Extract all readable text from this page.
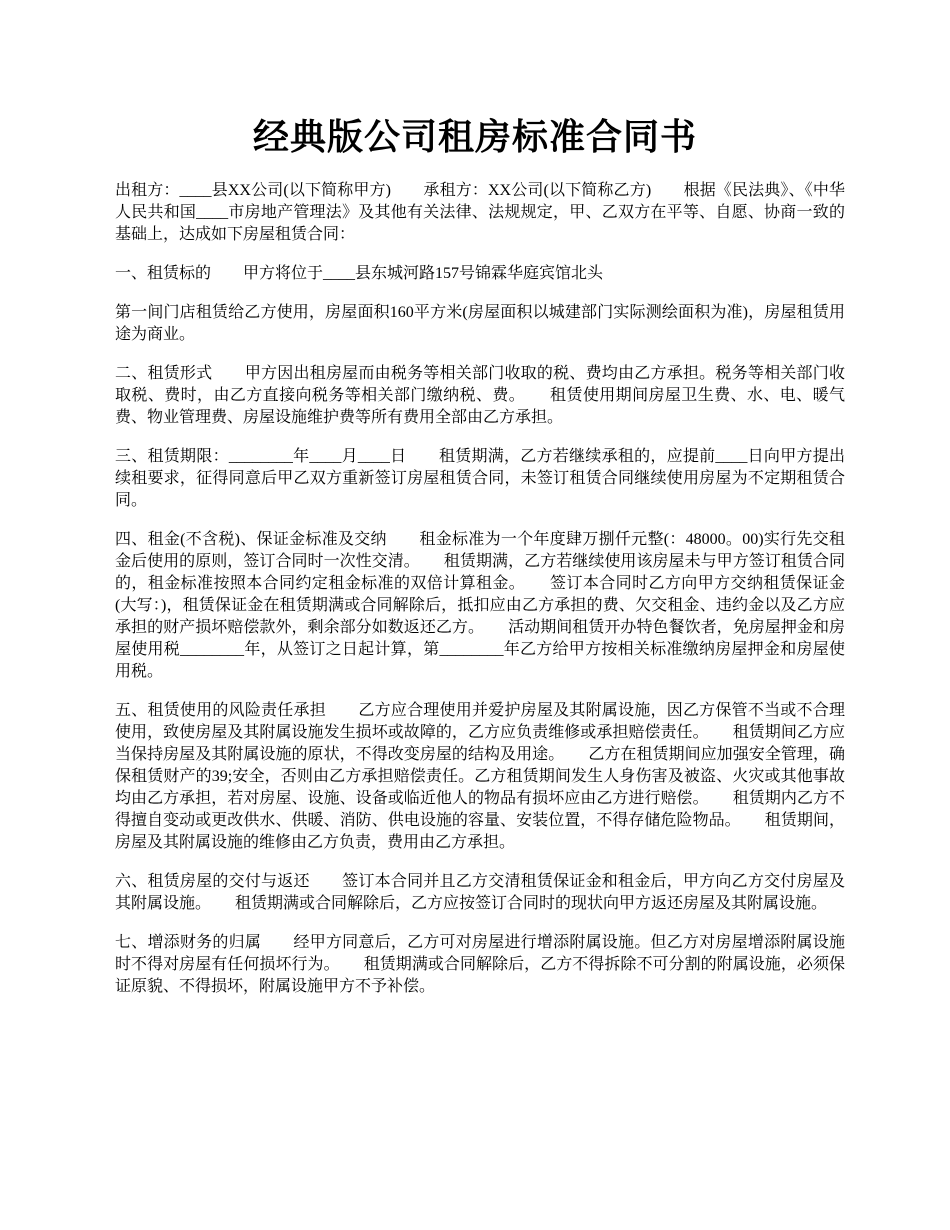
经典版公司租房标准合同书

出租方：____县XX公司(以下简称甲方)　　承租方：XX公司(以下简称乙方)　　根据《民法典》、《中华人民共和国____市房地产管理法》及其他有关法律、法规规定，甲、乙双方在平等、自愿、协商一致的基础上，达成如下房屋租赁合同：

一、租赁标的　　甲方将位于____县东城河路157号锦霖华庭宾馆北头

第一间门店租赁给乙方使用，房屋面积160平方米(房屋面积以城建部门实际测绘面积为准)，房屋租赁用途为商业。

二、租赁形式　　甲方因出租房屋而由税务等相关部门收取的税、费均由乙方承担。税务等相关部门收取税、费时，由乙方直接向税务等相关部门缴纳税、费。　　租赁使用期间房屋卫生费、水、电、暖气费、物业管理费、房屋设施维护费等所有费用全部由乙方承担。

三、租赁期限：________年____月____日　　租赁期满，乙方若继续承租的，应提前____日向甲方提出续租要求，征得同意后甲乙双方重新签订房屋租赁合同，未签订租赁合同继续使用房屋为不定期租赁合同。

四、租金(不含税)、保证金标准及交纳　　租金标准为一个年度肆万捌仟元整(：48000。00)实行先交租金后使用的原则，签订合同时一次性交清。　　租赁期满，乙方若继续使用该房屋未与甲方签订租赁合同的，租金标准按照本合同约定租金标准的双倍计算租金。　　签订本合同时乙方向甲方交纳租赁保证金(大写：)，租赁保证金在租赁期满或合同解除后，抵扣应由乙方承担的费、欠交租金、违约金以及乙方应承担的财产损坏赔偿款外，剩余部分如数返还乙方。　　活动期间租赁开办特色餐饮者，免房屋押金和房屋使用税________年，从签订之日起计算，第________年乙方给甲方按相关标准缴纳房屋押金和房屋使用税。

五、租赁使用的风险责任承担　　乙方应合理使用并爱护房屋及其附属设施，因乙方保管不当或不合理使用，致使房屋及其附属设施发生损坏或故障的，乙方应负责维修或承担赔偿责任。　　租赁期间乙方应当保持房屋及其附属设施的原状，不得改变房屋的结构及用途。　　乙方在租赁期间应加强安全管理，确保租赁财产的39;安全，否则由乙方承担赔偿责任。乙方租赁期间发生人身伤害及被盗、火灾或其他事故均由乙方承担，若对房屋、设施、设备或临近他人的物品有损坏应由乙方进行赔偿。　　租赁期内乙方不得擅自变动或更改供水、供暖、消防、供电设施的容量、安装位置，不得存储危险物品。　　租赁期间，房屋及其附属设施的维修由乙方负责，费用由乙方承担。

六、租赁房屋的交付与返还　　签订本合同并且乙方交清租赁保证金和租金后，甲方向乙方交付房屋及其附属设施。　　租赁期满或合同解除后，乙方应按签订合同时的现状向甲方返还房屋及其附属设施。

七、增添财务的归属　　经甲方同意后，乙方可对房屋进行增添附属设施。但乙方对房屋增添附属设施时不得对房屋有任何损坏行为。　　租赁期满或合同解除后，乙方不得拆除不可分割的附属设施，必须保证原貌、不得损坏，附属设施甲方不予补偿。
